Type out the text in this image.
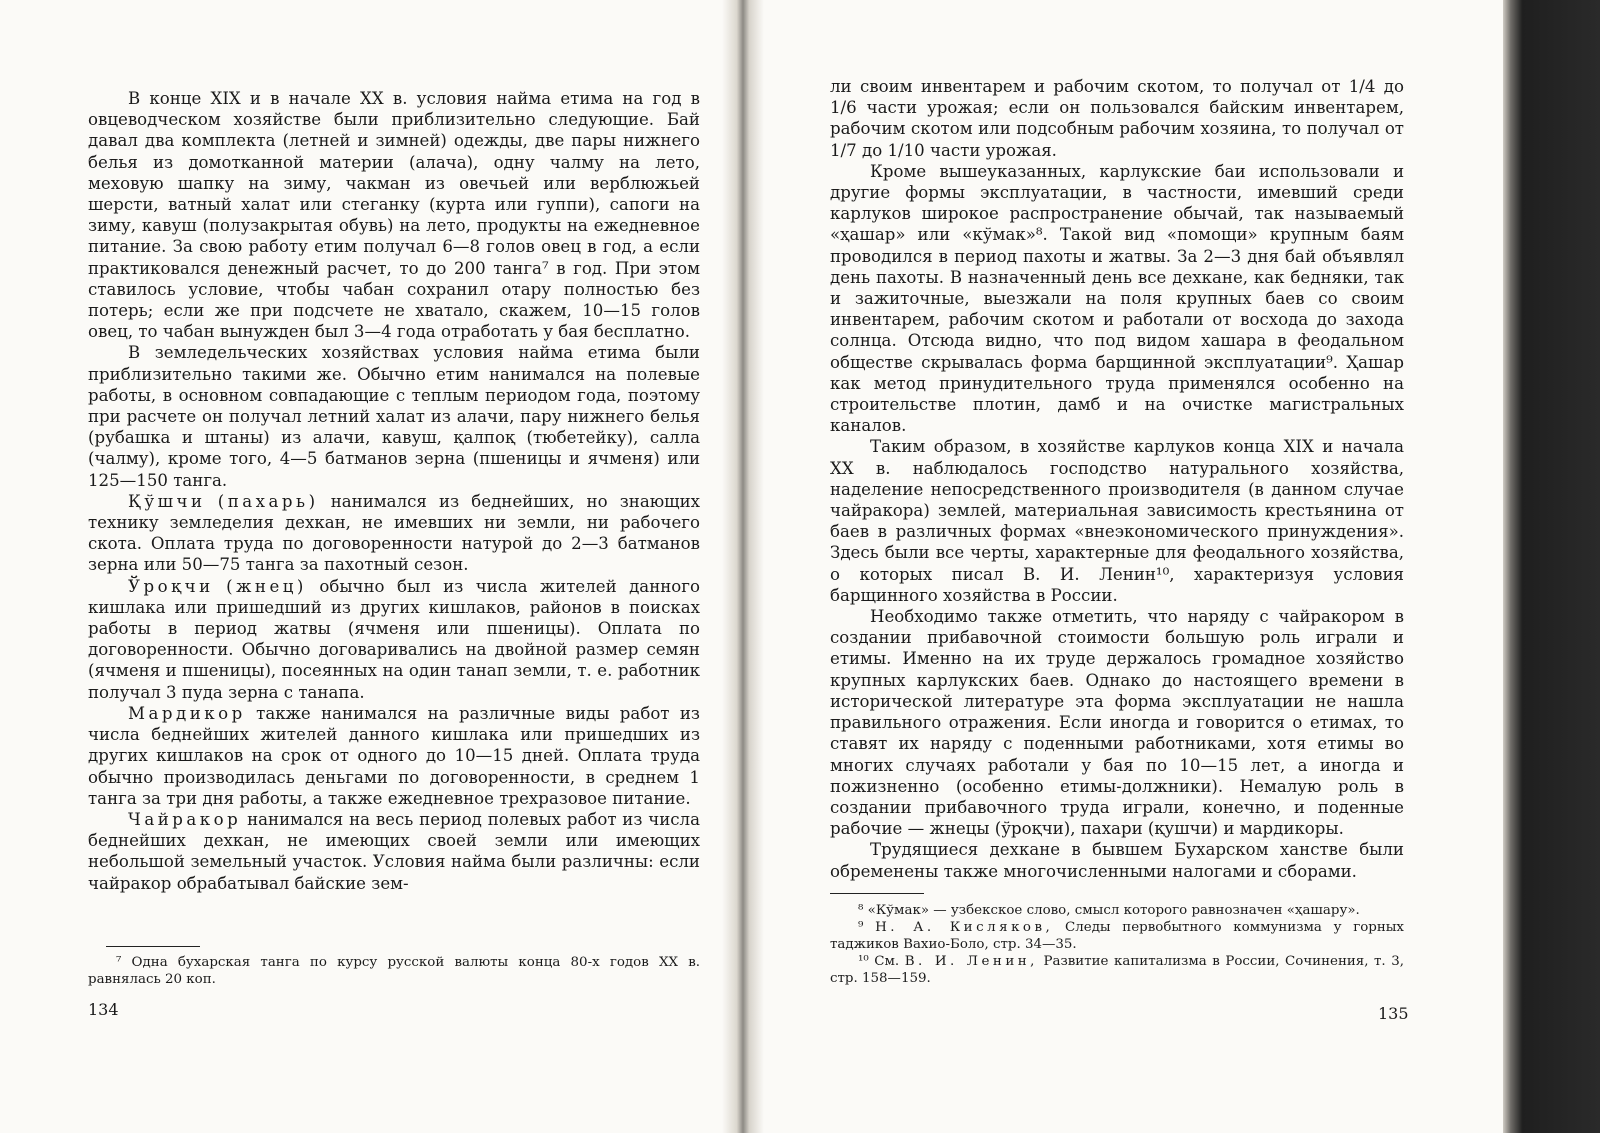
В конце XIX и в начале XX в. условия найма етима на год в овцеводческом хозяйстве были приблизительно следующие. Бай давал два комплекта (летней и зимней) одежды, две пары нижнего белья из домотканной материи (алача), одну чалму на лето, меховую шапку на зиму, чакман из овечьей или верблюжьей шерсти, ватный халат или стеганку (курта или гуппи), сапоги на зиму, кавуш (полузакрытая обувь) на лето, продукты на ежедневное питание. За свою работу етим получал 6—8 голов овец в год, а если практиковался денежный расчет, то до 200 танга⁷ в год. При этом ставилось условие, чтобы чабан сохранил отару полностью без потерь; если же при подсчете не хватало, скажем, 10—15 голов овец, то чабан вынужден был 3—4 года отработать у бая бесплатно.

В земледельческих хозяйствах условия найма етима были приблизительно такими же. Обычно етим нанимался на полевые работы, в основном совпадающие с теплым периодом года, поэтому при расчете он получал летний халат из алачи, пару нижнего белья (рубашка и штаны) из алачи, кавуш, қалпоқ (тюбетейку), салла (чалму), кроме того, 4—5 батманов зерна (пшеницы и ячменя) или 125—150 танга.

Қўшчи (пахарь) нанимался из беднейших, но знающих технику земледелия дехкан, не имевших ни земли, ни рабочего скота. Оплата труда по договоренности натурой до 2—3 батманов зерна или 50—75 танга за пахотный сезон.

Ўроқчи (жнец) обычно был из числа жителей данного кишлака или пришедший из других кишлаков, районов в поисках работы в период жатвы (ячменя или пшеницы). Оплата по договоренности. Обычно договаривались на двойной размер семян (ячменя и пшеницы), посеянных на один танап земли, т. е. работник получал 3 пуда зерна с танапа.

Мардикор также нанимался на различные виды работ из числа беднейших жителей данного кишлака или пришедших из других кишлаков на срок от одного до 10—15 дней. Оплата труда обычно производилась деньгами по договоренности, в среднем 1 танга за три дня работы, а также ежедневное трехразовое питание.

Чайракор нанимался на весь период полевых работ из числа беднейших дехкан, не имеющих своей земли или имеющих небольшой земельный участок. Условия найма были различны: если чайракор обрабатывал байские зем-

⁷ Одна бухарская танга по курсу русской валюты конца 80-х годов XX в. равнялась 20 коп.

134

ли своим инвентарем и рабочим скотом, то получал от 1/4 до 1/6 части урожая; если он пользовался байским инвентарем, рабочим скотом или подсобным рабочим хозяина, то получал от 1/7 до 1/10 части урожая.

Кроме вышеуказанных, карлукские баи использовали и другие формы эксплуатации, в частности, имевший среди карлуков широкое распространение обычай, так называемый «ҳашар» или «кўмак»⁸. Такой вид «помощи» крупным баям проводился в период пахоты и жатвы. За 2—3 дня бай объявлял день пахоты. В назначенный день все дехкане, как бедняки, так и зажиточные, выезжали на поля крупных баев со своим инвентарем, рабочим скотом и работали от восхода до захода солнца. Отсюда видно, что под видом хашара в феодальном обществе скрывалась форма барщинной эксплуатации⁹. Ҳашар как метод принудительного труда применялся особенно на строительстве плотин, дамб и на очистке магистральных каналов.

Таким образом, в хозяйстве карлуков конца XIX и начала XX в. наблюдалось господство натурального хозяйства, наделение непосредственного производителя (в данном случае чайракора) землей, материальная зависимость крестьянина от баев в различных формах «внеэкономического принуждения». Здесь были все черты, характерные для феодального хозяйства, о которых писал В. И. Ленин¹⁰, характеризуя условия барщинного хозяйства в России.

Необходимо также отметить, что наряду с чайракором в создании прибавочной стоимости большую роль играли и етимы. Именно на их труде держалось громадное хозяйство крупных карлукских баев. Однако до настоящего времени в исторической литературе эта форма эксплуатации не нашла правильного отражения. Если иногда и говорится о етимах, то ставят их наряду с поденными работниками, хотя етимы во многих случаях работали у бая по 10—15 лет, а иногда и пожизненно (особенно етимы-должники). Немалую роль в создании прибавочного труда играли, конечно, и поденные рабочие — жнецы (ўроқчи), пахари (қушчи) и мардикоры.

Трудящиеся дехкане в бывшем Бухарском ханстве были обременены также многочисленными налогами и сборами.

⁸ «Кўмак» — узбекское слово, смысл которого равнозначен «ҳашару».

⁹ Н. А. Кисляков, Следы первобытного коммунизма у горных таджиков Вахио-Боло, стр. 34—35.

¹⁰ См. В. И. Ленин, Развитие капитализма в России, Сочинения, т. 3, стр. 158—159.

135
